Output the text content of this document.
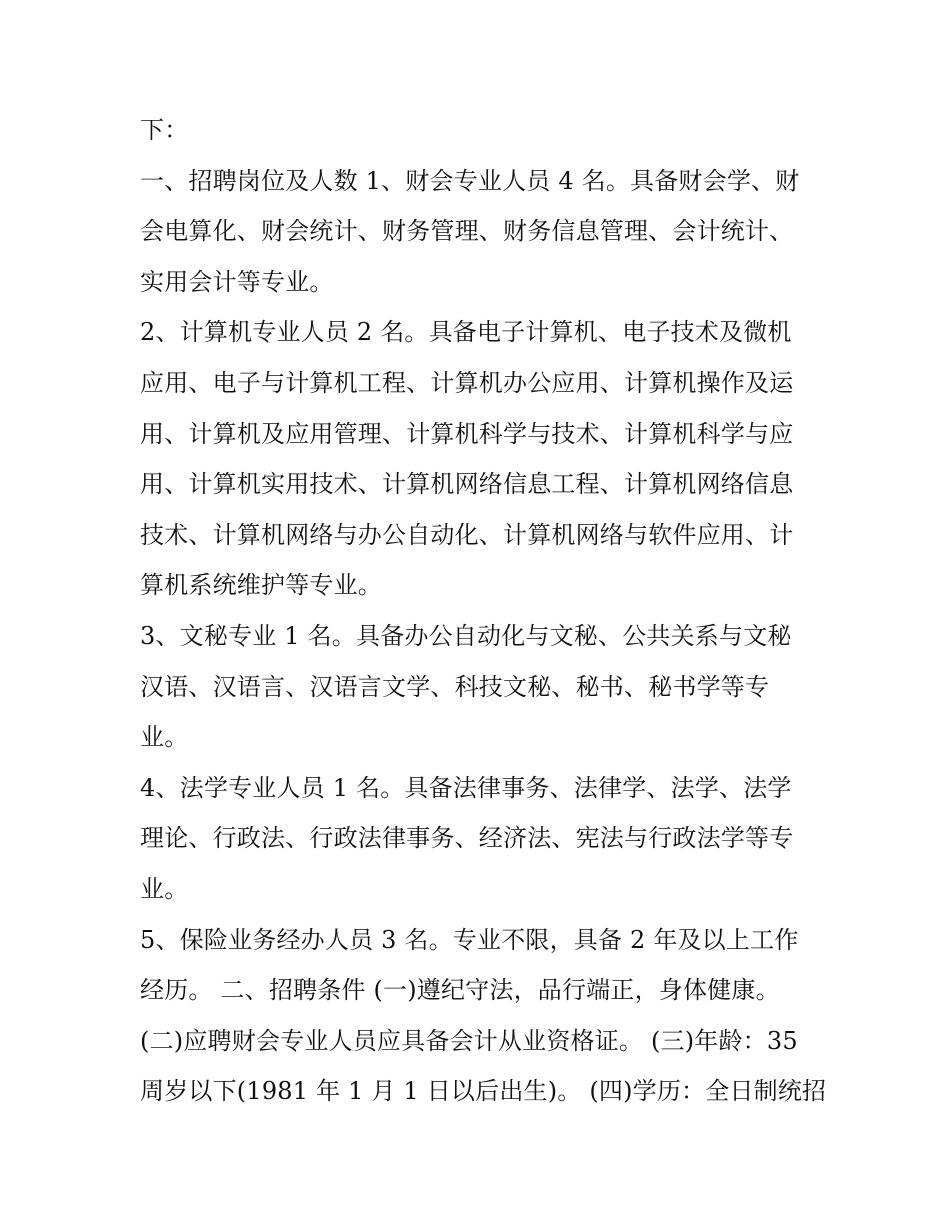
下：
一、招聘岗位及人数 1、财会专业人员 4 名。具备财会学、财
会电算化、财会统计、财务管理、财务信息管理、会计统计、
实用会计等专业。
2、计算机专业人员 2 名。具备电子计算机、电子技术及微机
应用、电子与计算机工程、计算机办公应用、计算机操作及运
用、计算机及应用管理、计算机科学与技术、计算机科学与应
用、计算机实用技术、计算机网络信息工程、计算机网络信息
技术、计算机网络与办公自动化、计算机网络与软件应用、计
算机系统维护等专业。
3、文秘专业 1 名。具备办公自动化与文秘、公共关系与文秘
汉语、汉语言、汉语言文学、科技文秘、秘书、秘书学等专
业。
4、法学专业人员 1 名。具备法律事务、法律学、法学、法学
理论、行政法、行政法律事务、经济法、宪法与行政法学等专
业。
5、保险业务经办人员 3 名。专业不限，具备 2 年及以上工作
经历。 二、招聘条件 (一)遵纪守法，品行端正，身体健康。
(二)应聘财会专业人员应具备会计从业资格证。 (三)年龄：35
周岁以下(1981 年 1 月 1 日以后出生)。 (四)学历：全日制统招
